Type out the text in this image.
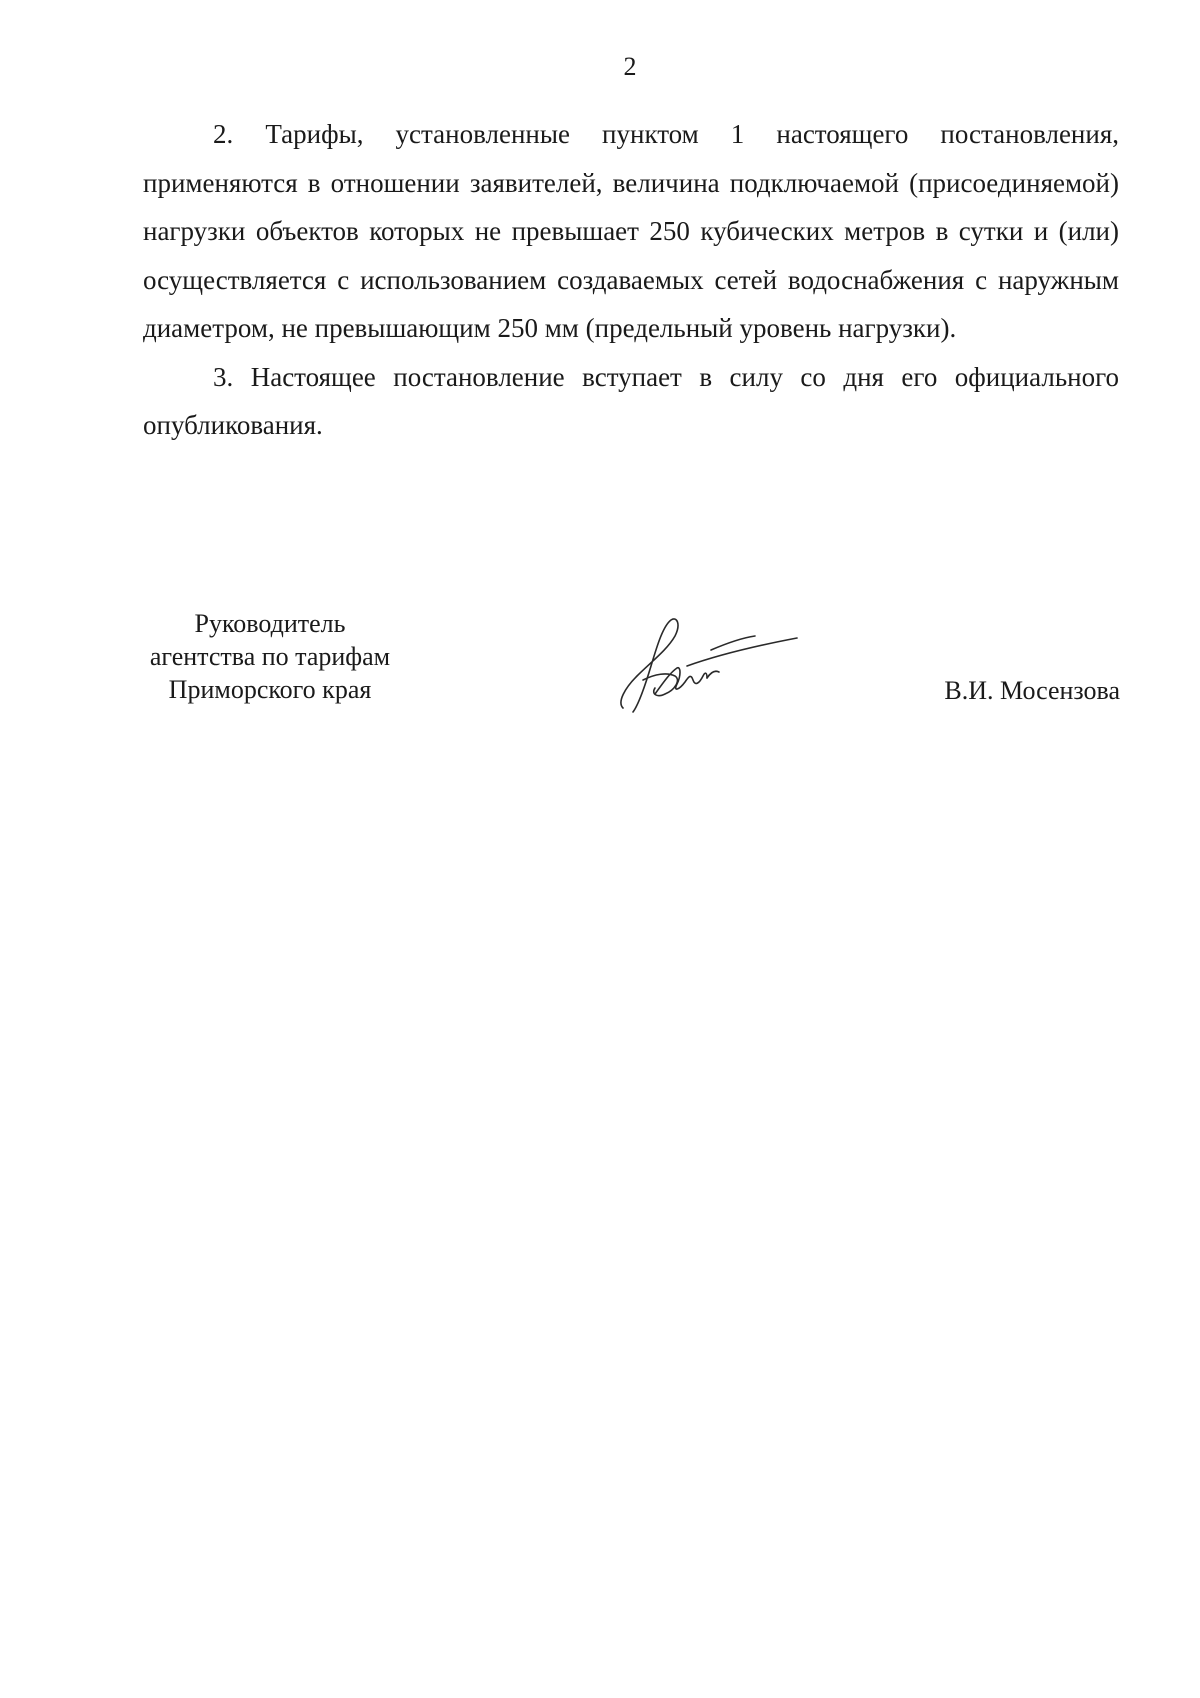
2

2. Тарифы, установленные пунктом 1 настоящего постановления, применяются в отношении заявителей, величина подключаемой (присоединяемой) нагрузки объектов которых не превышает 250 кубических метров в сутки и (или) осуществляется с использованием создаваемых сетей водоснабжения с наружным диаметром, не превышающим 250 мм (предельный уровень нагрузки).

3. Настоящее постановление вступает в силу со дня его официального опубликования.

Руководитель
агентства по тарифам
Приморского края	В.И. Мосензова
